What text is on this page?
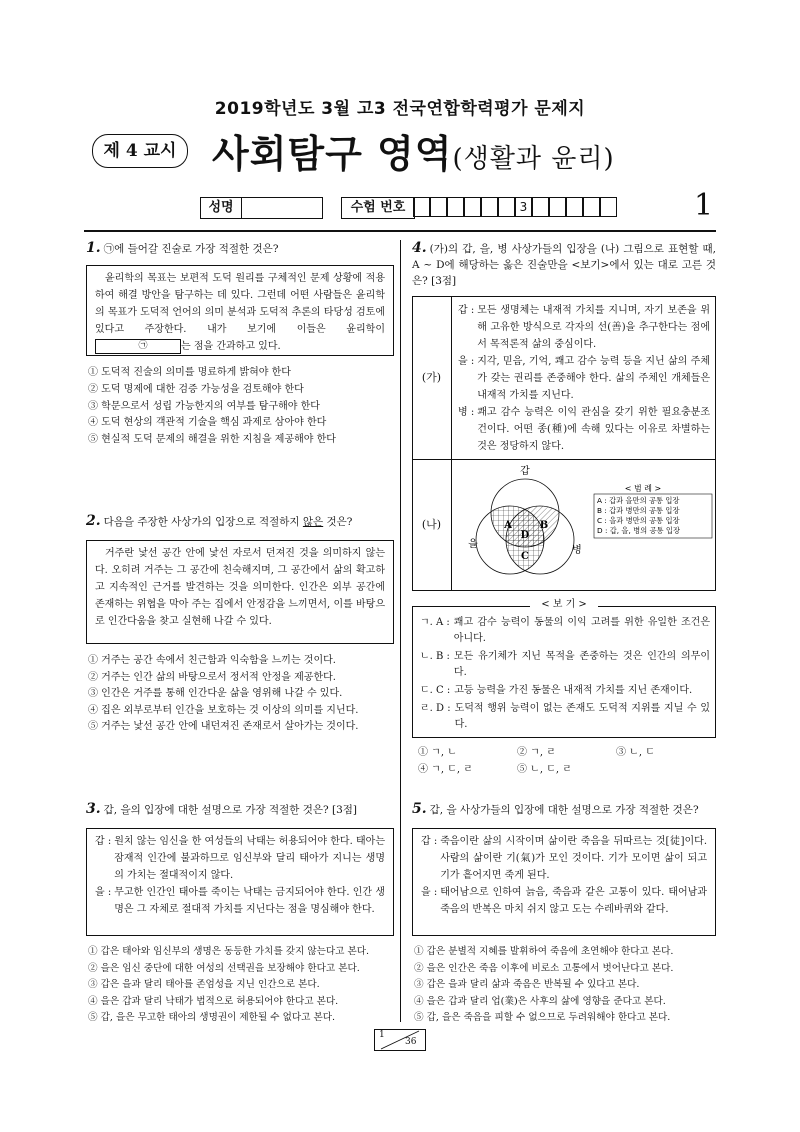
2019학년도 3월 고3 전국연합학력평가 문제지
제 4 교시 사회탐구 영역(생활과 윤리)
성명	수험 번호	3	1
1. ㉠에 들어갈 진술로 가장 적절한 것은?
윤리학의 목표는 보편적 도덕 원리를 구체적인 문제 상황에 적용하여 해결 방안을 탐구하는 데 있다. 그런데 어떤 사람들은 윤리학의 목표가 도덕적 언어의 의미 분석과 도덕적 추론의 타당성 검토에 있다고 주장한다. 내가 보기에 이들은 윤리학이 ㉠	는 점을 간과하고 있다.
① 도덕적 진술의 의미를 명료하게 밝혀야 한다
② 도덕 명제에 대한 검증 가능성을 검토해야 한다
③ 학문으로서 성립 가능한지의 여부를 탐구해야 한다
④ 도덕 현상의 객관적 기술을 핵심 과제로 삼아야 한다
⑤ 현실적 도덕 문제의 해결을 위한 지침을 제공해야 한다
2. 다음을 주장한 사상가의 입장으로 적절하지 않은 것은?
거주란 낯선 공간 안에 낯선 자로서 던져진 것을 의미하지 않는다. 오히려 거주는 그 공간에 친숙해지며, 그 공간에서 삶의 확고하고 지속적인 근거를 발견하는 것을 의미한다. 인간은 외부 공간에 존재하는 위협을 막아 주는 집에서 안정감을 느끼면서, 이를 바탕으로 인간다움을 찾고 실현해 나갈 수 있다.
① 거주는 공간 속에서 친근함과 익숙함을 느끼는 것이다.
② 거주는 인간 삶의 바탕으로서 정서적 안정을 제공한다.
③ 인간은 거주를 통해 인간다운 삶을 영위해 나갈 수 있다.
④ 집은 외부로부터 인간을 보호하는 것 이상의 의미를 지닌다.
⑤ 거주는 낯선 공간 안에 내던져진 존재로서 살아가는 것이다.
3. 갑, 을의 입장에 대한 설명으로 가장 적절한 것은? [3점]
갑 : 원치 않는 임신을 한 여성들의 낙태는 허용되어야 한다. 태아는 잠재적 인간에 불과하므로 임신부와 달리 태아가 지니는 생명의 가치는 절대적이지 않다.
을 : 무고한 인간인 태아를 죽이는 낙태는 금지되어야 한다. 인간 생명은 그 자체로 절대적 가치를 지닌다는 점을 명심해야 한다.
① 갑은 태아와 임신부의 생명은 동등한 가치를 갖지 않는다고 본다.
② 을은 임신 중단에 대한 여성의 선택권을 보장해야 한다고 본다.
③ 갑은 을과 달리 태아를 존엄성을 지닌 인간으로 본다.
④ 을은 갑과 달리 낙태가 법적으로 허용되어야 한다고 본다.
⑤ 갑, 을은 무고한 태아의 생명권이 제한될 수 없다고 본다.
4. (가)의 갑, 을, 병 사상가들의 입장을 (나) 그림으로 표현할 때, A ~ D에 해당하는 옳은 진술만을 <보기>에서 있는 대로 고른 것은? [3점]
(가)
갑 : 모든 생명체는 내재적 가치를 지니며, 자기 보존을 위해 고유한 방식으로 각자의 선(善)을 추구한다는 점에서 목적론적 삶의 중심이다.
을 : 지각, 믿음, 기억, 쾌고 감수 능력 등을 지닌 삶의 주체가 갖는 권리를 존중해야 한다. 삶의 주체인 개체들은 내재적 가치를 지닌다.
병 : 쾌고 감수 능력은 이익 관심을 갖기 위한 필요충분조건이다. 어떤 종(種)에 속해 있다는 이유로 차별하는 것은 정당하지 않다.
(나)
갑
을
병
A	B
C
D
< 범 례 >
A : 갑과 을만의 공통 입장
B : 갑과 병만의 공통 입장
C : 을과 병만의 공통 입장
D : 갑, 을, 병의 공통 입장
< 보 기 >
ㄱ. A : 쾌고 감수 능력이 동물의 이익 고려를 위한 유일한 조건은 아니다.
ㄴ. B : 모든 유기체가 지닌 목적을 존중하는 것은 인간의 의무이다.
ㄷ. C : 고등 능력을 가진 동물은 내재적 가치를 지닌 존재이다.
ㄹ. D : 도덕적 행위 능력이 없는 존재도 도덕적 지위를 지닐 수 있다.
① ㄱ, ㄴ	② ㄱ, ㄹ	③ ㄴ, ㄷ
④ ㄱ, ㄷ, ㄹ	⑤ ㄴ, ㄷ, ㄹ
5. 갑, 을 사상가들의 입장에 대한 설명으로 가장 적절한 것은?
갑 : 죽음이란 삶의 시작이며 삶이란 죽음을 뒤따르는 것[徒]이다. 사람의 삶이란 기(氣)가 모인 것이다. 기가 모이면 삶이 되고 기가 흩어지면 죽게 된다.
을 : 태어남으로 인하여 늙음, 죽음과 같은 고통이 있다. 태어남과 죽음의 반복은 마치 쉬지 않고 도는 수레바퀴와 같다.
① 갑은 분별적 지혜를 발휘하여 죽음에 초연해야 한다고 본다.
② 을은 인간은 죽음 이후에 비로소 고통에서 벗어난다고 본다.
③ 갑은 을과 달리 삶과 죽음은 반복될 수 있다고 본다.
④ 을은 갑과 달리 업(業)은 사후의 삶에 영향을 준다고 본다.
⑤ 갑, 을은 죽음을 피할 수 없으므로 두려워해야 한다고 본다.
1
36
